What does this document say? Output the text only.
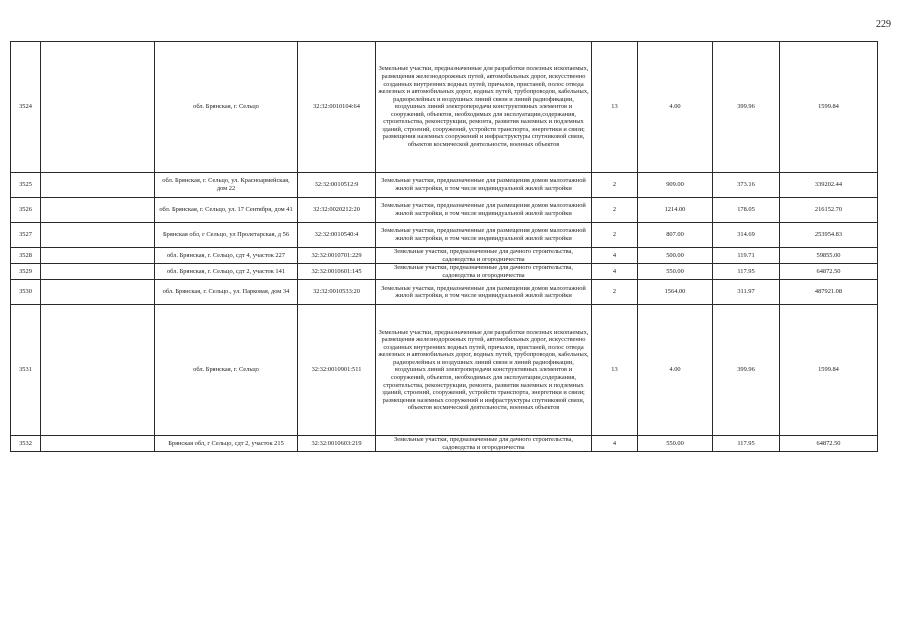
229
3524		обл. Брянская, г. Сельцо	32:32:0010104:64	Земельные участки, предназначенные для разработки полезных ископаемых, размещения железнодорожных путей, автомобильных дорог, искусственно созданных внутренних водных путей, причалов, пристаней, полос отвода железных и автомобильных дорог, водных путей, трубопроводов, кабельных, радиорелейных и воздушных линий связи и линий радиофикации, воздушных линий электропередачи конструктивных элементов и сооружений, объектов, необходимых для эксплуатации,содержания, строительства, реконструкции, ремонта, развития наземных и подземных зданий, строений, сооружений, устройств транспорта, энергетики и связи; размещения наземных сооружений и инфраструктуры спутниковой связи, объектов космической деятельности, военных объектов	13	4.00	399.96	1599.84
3525		обл. Брянская, г. Сельцо, ул. Красноармейская, дом 22	32:32:0010512:9	Земельные участки, предназначенные для размещения домов малоэтажной жилой застройки, в том числе индивидуальной жилой застройки	2	909.00	373.16	339202.44
3526		обл. Брянская, г. Сельцо, ул. 17 Сентября, дом 41	32:32:0020212:20	Земельные участки, предназначенные для размещения домов малоэтажной жилой застройки, в том числе индивидуальной жилой застройки	2	1214.00	178.05	216152.70
3527		Брянская обл, г Сельцо, ул Пролетарская, д 56	32:32:0010540:4	Земельные участки, предназначенные для размещения домов малоэтажной жилой застройки, в том числе индивидуальной жилой застройки	2	807.00	314.69	253954.83
3528		обл. Брянская, г. Сельцо, сдт 4, участок 227	32:32:0010701:229	Земельные участки, предназначенные для дачного строительства, садоводства и огородничества	4	500.00	119.71	59855.00
3529		обл. Брянская, г. Сельцо, сдт 2, участок 141	32:32:0010601:145	Земельные участки, предназначенные для дачного строительства, садоводства и огородничества	4	550.00	117.95	64872.50
3530		обл. Брянская, г. Сельцо., ул. Парковая, дом 34	32:32:0010533:20	Земельные участки, предназначенные для размещения домов малоэтажной жилой застройки, в том числе индивидуальной жилой застройки	2	1564.00	311.97	487921.08
3531		обл. Брянская, г. Сельцо	32:32:0010901:511	Земельные участки, предназначенные для разработки полезных ископаемых, размещения железнодорожных путей, автомобильных дорог, искусственно созданных внутренних водных путей, причалов, пристаней, полос отвода железных и автомобильных дорог, водных путей, трубопроводов, кабельных, радиорелейных и воздушных линий связи и линий радиофикации, воздушных линий электропередачи конструктивных элементов и сооружений, объектов, необходимых для эксплуатации,содержания, строительства, реконструкции, ремонта, развития наземных и подземных зданий, строений, сооружений, устройств транспорта, энергетики и связи; размещения наземных сооружений и инфраструктуры спутниковой связи, объектов космической деятельности, военных объектов	13	4.00	399.96	1599.84
3532		Брянская обл, г Сельцо, сдт 2, участок 215	32:32:0010603:219	Земельные участки, предназначенные для дачного строительства, садоводства и огородничества	4	550.00	117.95	64872.50
